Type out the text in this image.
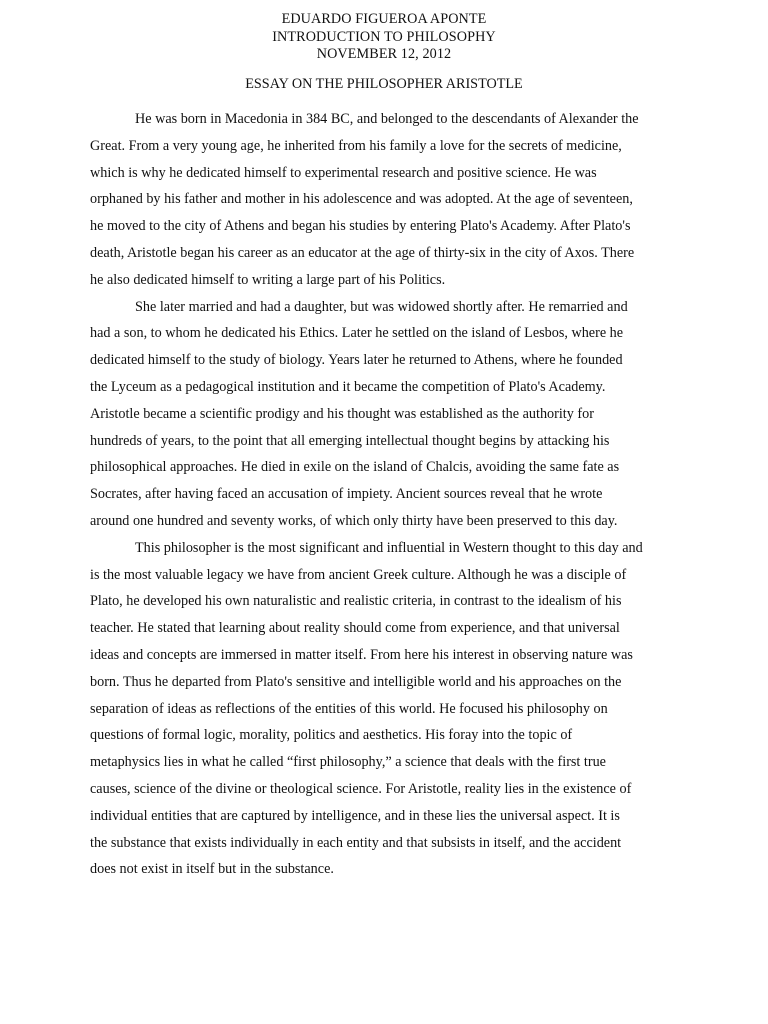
EDUARDO FIGUEROA APONTE
INTRODUCTION TO PHILOSOPHY
NOVEMBER 12, 2012
ESSAY ON THE PHILOSOPHER ARISTOTLE

He was born in Macedonia in 384 BC, and belonged to the descendants of Alexander the
Great. From a very young age, he inherited from his family a love for the secrets of medicine,
which is why he dedicated himself to experimental research and positive science. He was
orphaned by his father and mother in his adolescence and was adopted. At the age of seventeen,
he moved to the city of Athens and began his studies by entering Plato's Academy. After Plato's
death, Aristotle began his career as an educator at the age of thirty-six in the city of Axos. There
he also dedicated himself to writing a large part of his Politics.

She later married and had a daughter, but was widowed shortly after. He remarried and
had a son, to whom he dedicated his Ethics. Later he settled on the island of Lesbos, where he
dedicated himself to the study of biology. Years later he returned to Athens, where he founded
the Lyceum as a pedagogical institution and it became the competition of Plato's Academy.
Aristotle became a scientific prodigy and his thought was established as the authority for
hundreds of years, to the point that all emerging intellectual thought begins by attacking his
philosophical approaches. He died in exile on the island of Chalcis, avoiding the same fate as
Socrates, after having faced an accusation of impiety. Ancient sources reveal that he wrote
around one hundred and seventy works, of which only thirty have been preserved to this day.

This philosopher is the most significant and influential in Western thought to this day and
is the most valuable legacy we have from ancient Greek culture. Although he was a disciple of
Plato, he developed his own naturalistic and realistic criteria, in contrast to the idealism of his
teacher. He stated that learning about reality should come from experience, and that universal
ideas and concepts are immersed in matter itself. From here his interest in observing nature was
born. Thus he departed from Plato's sensitive and intelligible world and his approaches on the
separation of ideas as reflections of the entities of this world. He focused his philosophy on
questions of formal logic, morality, politics and aesthetics. His foray into the topic of
metaphysics lies in what he called “first philosophy,” a science that deals with the first true
causes, science of the divine or theological science. For Aristotle, reality lies in the existence of
individual entities that are captured by intelligence, and in these lies the universal aspect. It is
the substance that exists individually in each entity and that subsists in itself, and the accident
does not exist in itself but in the substance.
